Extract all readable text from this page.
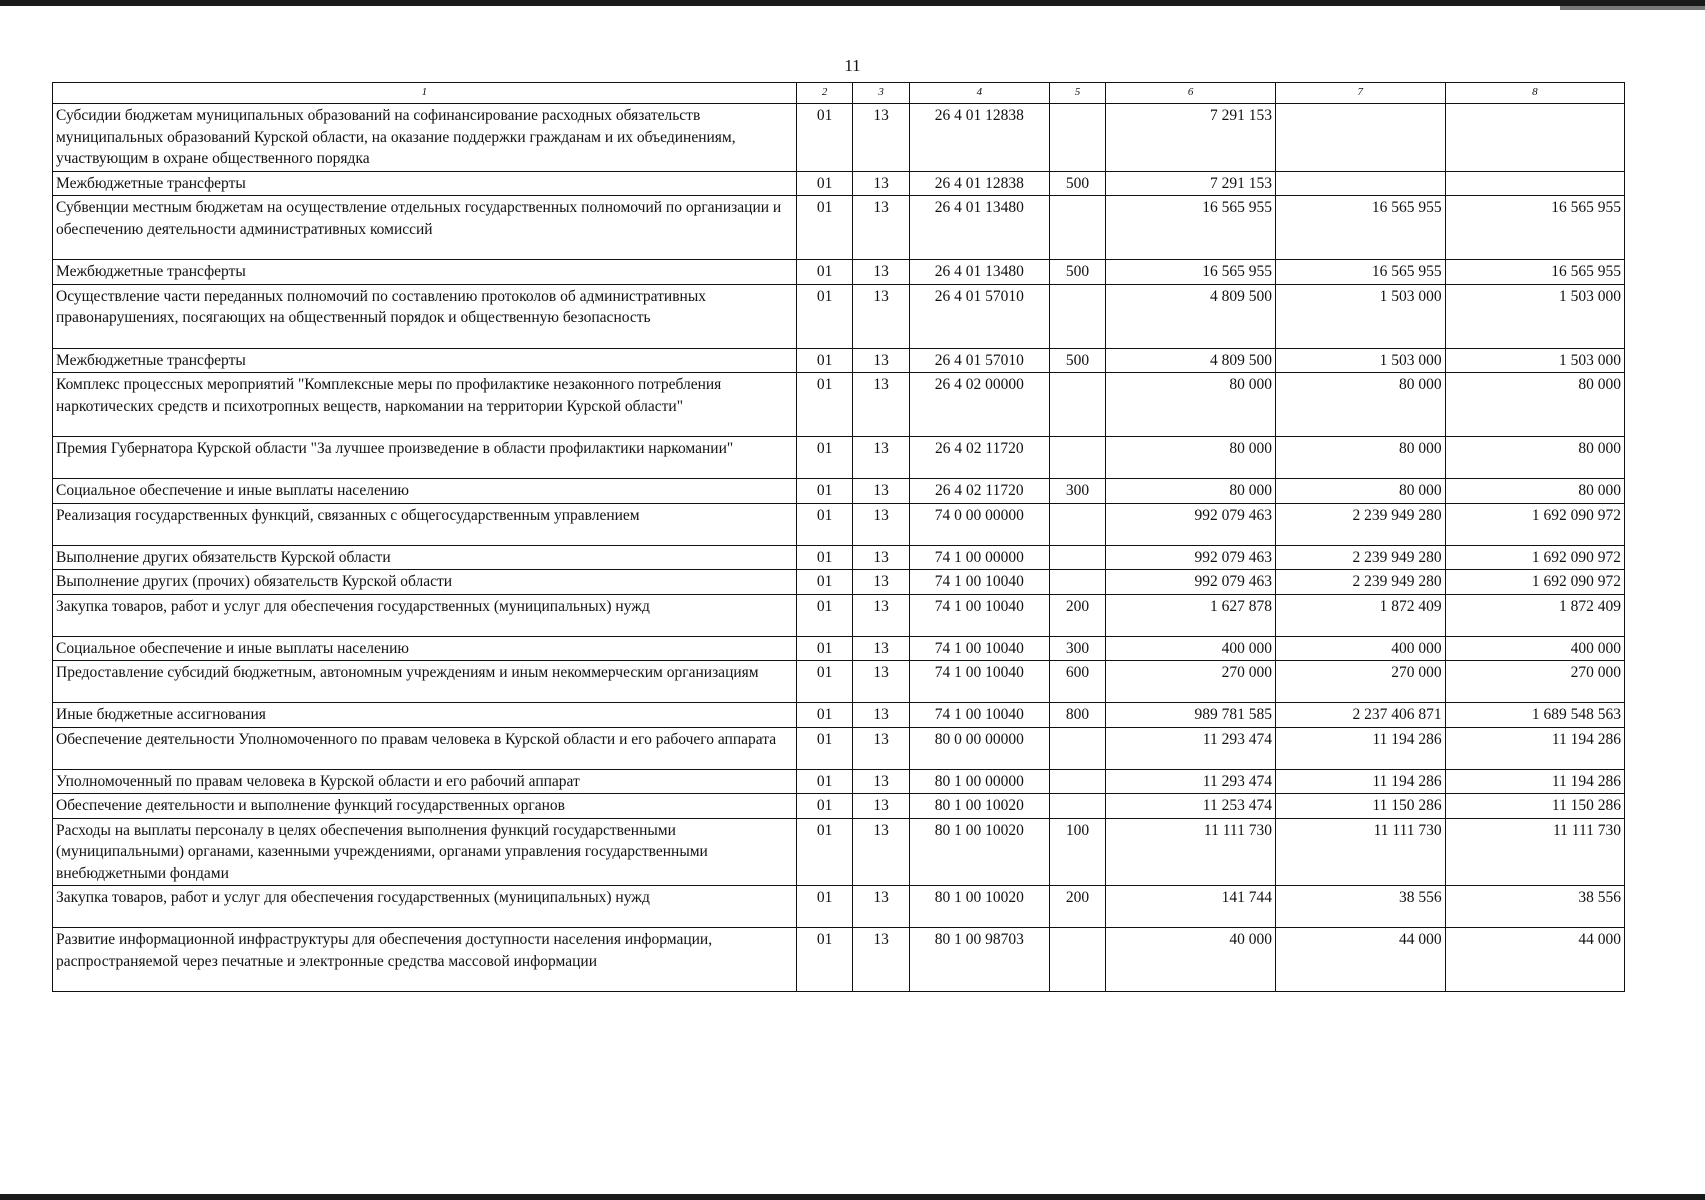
11
1	2	3	4	5	6	7	8
Субсидии бюджетам муниципальных образований на софинансирование расходных обязательств муниципальных образований Курской области, на оказание поддержки гражданам и их объединениям, участвующим в охране общественного порядка	01	13	26 4 01 12838		7 291 153		
Межбюджетные трансферты	01	13	26 4 01 12838	500	7 291 153		
Субвенции местным бюджетам на осуществление отдельных государственных полномочий по организации и обеспечению деятельности административных комиссий	01	13	26 4 01 13480		16 565 955	16 565 955	16 565 955
Межбюджетные трансферты	01	13	26 4 01 13480	500	16 565 955	16 565 955	16 565 955
Осуществление части переданных полномочий по составлению протоколов об административных правонарушениях, посягающих на общественный порядок и общественную безопасность	01	13	26 4 01 57010		4 809 500	1 503 000	1 503 000
Межбюджетные трансферты	01	13	26 4 01 57010	500	4 809 500	1 503 000	1 503 000
Комплекс процессных мероприятий "Комплексные меры по профилактике незаконного потребления наркотических средств и психотропных веществ, наркомании на территории Курской области"	01	13	26 4 02 00000		80 000	80 000	80 000
Премия Губернатора Курской области "За лучшее произведение в области профилактики наркомании"	01	13	26 4 02 11720		80 000	80 000	80 000
Социальное обеспечение и иные выплаты населению	01	13	26 4 02 11720	300	80 000	80 000	80 000
Реализация государственных функций, связанных с общегосударственным управлением	01	13	74 0 00 00000		992 079 463	2 239 949 280	1 692 090 972
Выполнение других обязательств Курской области	01	13	74 1 00 00000		992 079 463	2 239 949 280	1 692 090 972
Выполнение других (прочих) обязательств Курской области	01	13	74 1 00 10040		992 079 463	2 239 949 280	1 692 090 972
Закупка товаров, работ и услуг для обеспечения государственных (муниципальных) нужд	01	13	74 1 00 10040	200	1 627 878	1 872 409	1 872 409
Социальное обеспечение и иные выплаты населению	01	13	74 1 00 10040	300	400 000	400 000	400 000
Предоставление субсидий бюджетным, автономным учреждениям и иным некоммерческим организациям	01	13	74 1 00 10040	600	270 000	270 000	270 000
Иные бюджетные ассигнования	01	13	74 1 00 10040	800	989 781 585	2 237 406 871	1 689 548 563
Обеспечение деятельности Уполномоченного по правам человека в Курской области и его рабочего аппарата	01	13	80 0 00 00000		11 293 474	11 194 286	11 194 286
Уполномоченный по правам человека в Курской области и его рабочий аппарат	01	13	80 1 00 00000		11 293 474	11 194 286	11 194 286
Обеспечение деятельности и выполнение функций государственных органов	01	13	80 1 00 10020		11 253 474	11 150 286	11 150 286
Расходы на выплаты персоналу в целях обеспечения выполнения функций государственными (муниципальными) органами, казенными учреждениями, органами управления государственными внебюджетными фондами	01	13	80 1 00 10020	100	11 111 730	11 111 730	11 111 730
Закупка товаров, работ и услуг для обеспечения государственных (муниципальных) нужд	01	13	80 1 00 10020	200	141 744	38 556	38 556
Развитие информационной инфраструктуры для обеспечения доступности населения информации, распространяемой через печатные и электронные средства массовой информации	01	13	80 1 00 98703		40 000	44 000	44 000
